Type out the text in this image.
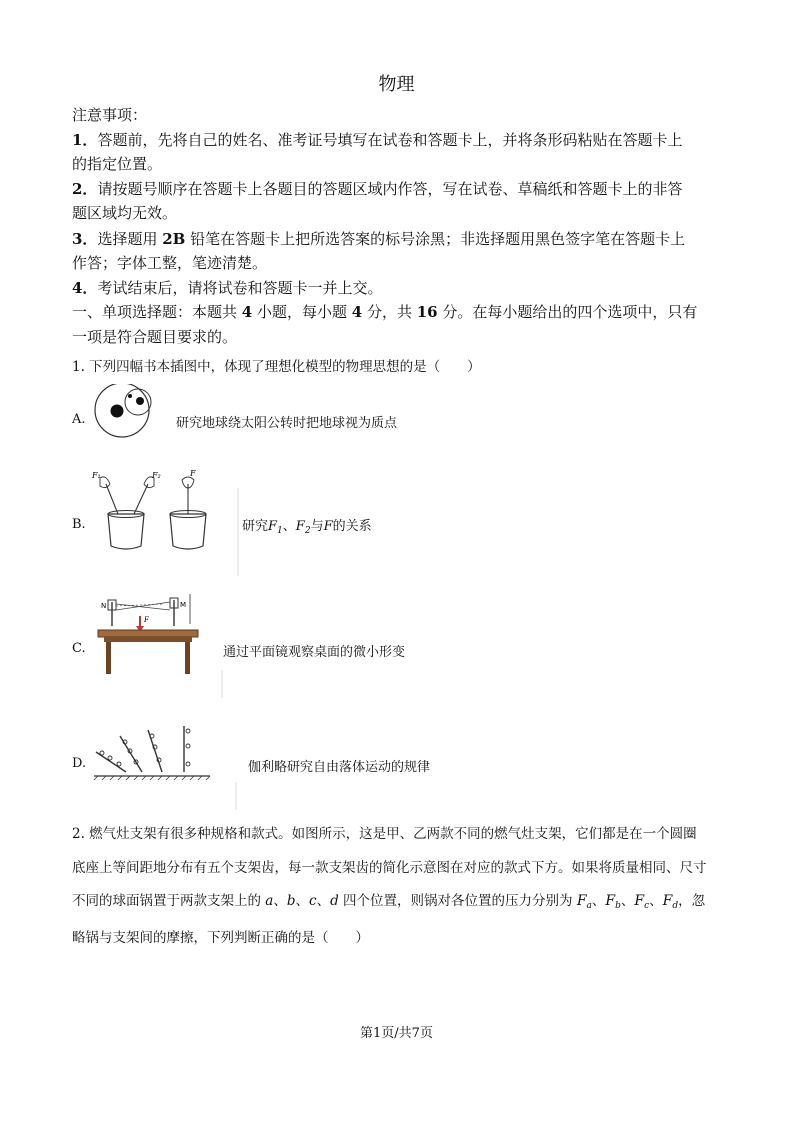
物理
注意事项：
1．答题前，先将自己的姓名、准考证号填写在试卷和答题卡上，并将条形码粘贴在答题卡上
的指定位置。
2．请按题号顺序在答题卡上各题目的答题区域内作答，写在试卷、草稿纸和答题卡上的非答
题区域均无效。
3．选择题用 2B 铅笔在答题卡上把所选答案的标号涂黑；非选择题用黑色签字笔在答题卡上
作答；字体工整，笔迹清楚。
4．考试结束后，请将试卷和答题卡一并上交。
一、单项选择题：本题共 4 小题，每小题 4 分，共 16 分。在每小题给出的四个选项中，只有
一项是符合题目要求的。
1. 下列四幅书本插图中，体现了理想化模型的物理思想的是（　　）
A.	研究地球绕太阳公转时把地球视为质点
B.
F₁	F₂	F
研究$F_1$、$F_2$与F的关系
C.
N	M
F
通过平面镜观察桌面的微小形变
D.	伽利略研究自由落体运动的规律
2. 燃气灶支架有很多种规格和款式。如图所示，这是甲、乙两款不同的燃气灶支架，它们都是在一个圆圈
底座上等间距地分布有五个支架齿，每一款支架齿的简化示意图在对应的款式下方。如果将质量相同、尺寸
不同的球面锅置于两款支架上的 a、b、c、d 四个位置，则锅对各位置的压力分别为 $F_a$、$F_b$、$F_c$、$F_d$，忽
略锅与支架间的摩擦，下列判断正确的是（　　）
第1页/共7页
